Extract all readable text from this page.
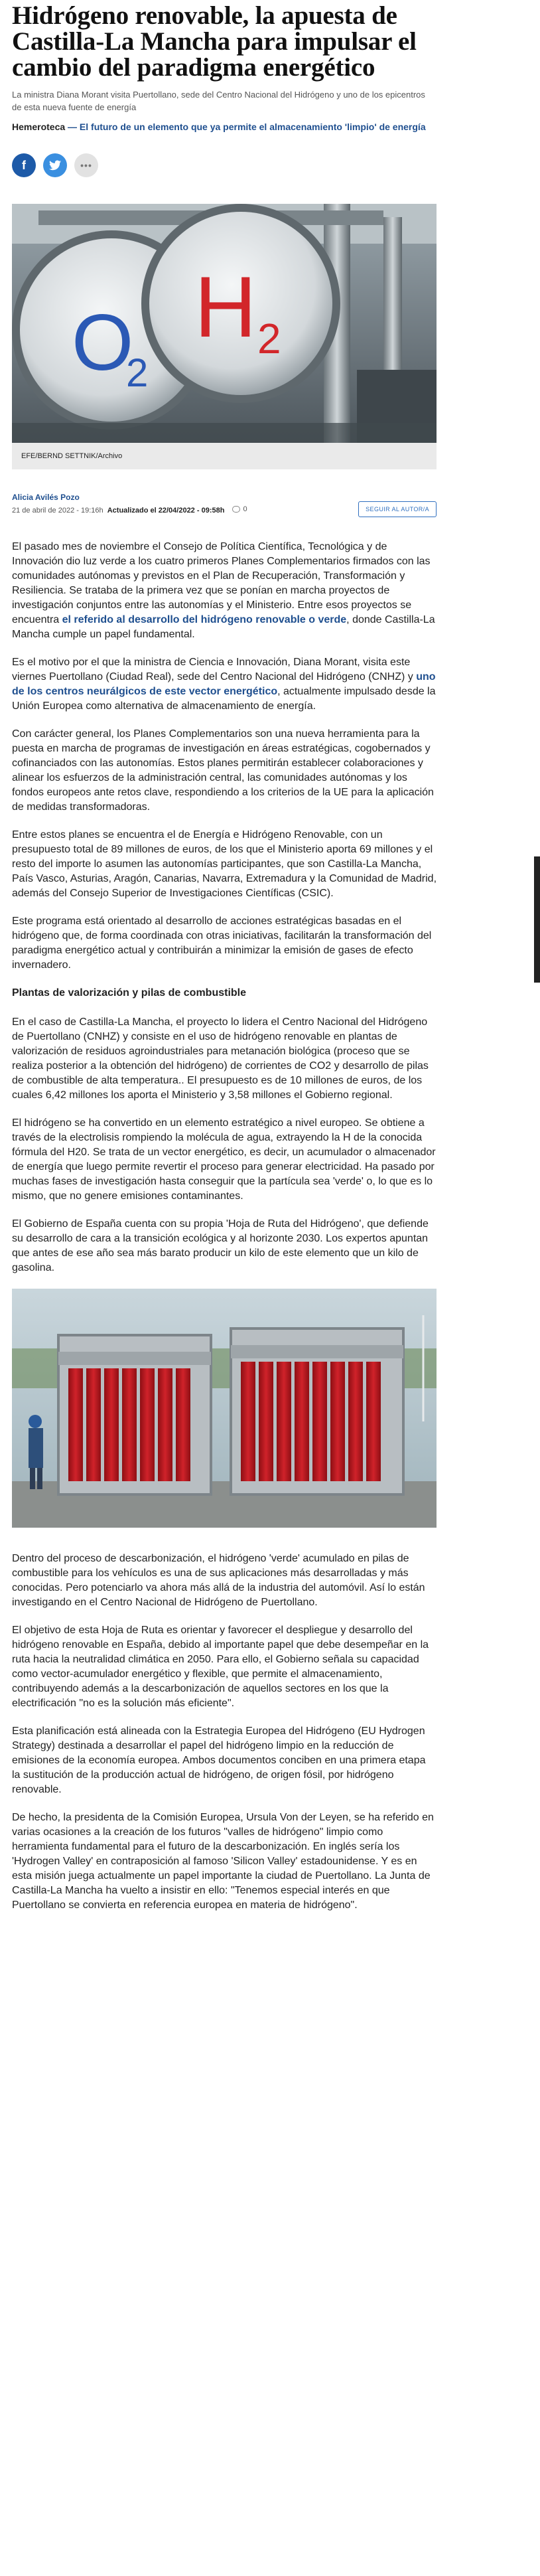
Hidrógeno renovable, la apuesta de Castilla-La Mancha para impulsar el cambio del paradigma energético

La ministra Diana Morant visita Puertollano, sede del Centro Nacional del Hidrógeno y uno de los epicentros de esta nueva fuente de energía

Hemeroteca — El futuro de un elemento que ya permite el almacenamiento 'limpio' de energía

f	•••
O
2
H 2
EFE/BERND SETTNIK/Archivo
Alicia Avilés Pozo
21 de abril de 2022 - 19:16h Actualizado el 22/04/2022 - 09:58h	0	SEGUIR AL AUTOR/A

El pasado mes de noviembre el Consejo de Política Científica, Tecnológica y de Innovación dio luz verde a los cuatro primeros Planes Complementarios firmados con las comunidades autónomas y previstos en el Plan de Recuperación, Transformación y Resiliencia. Se trataba de la primera vez que se ponían en marcha proyectos de investigación conjuntos entre las autonomías y el Ministerio. Entre esos proyectos se encuentra el referido al desarrollo del hidrógeno renovable o verde, donde Castilla-La Mancha cumple un papel fundamental.

Es el motivo por el que la ministra de Ciencia e Innovación, Diana Morant, visita este viernes Puertollano (Ciudad Real), sede del Centro Nacional del Hidrógeno (CNHZ) y uno de los centros neurálgicos de este vector energético, actualmente impulsado desde la Unión Europea como alternativa de almacenamiento de energía.

Con carácter general, los Planes Complementarios son una nueva herramienta para la puesta en marcha de programas de investigación en áreas estratégicas, cogobernados y cofinanciados con las autonomías. Estos planes permitirán establecer colaboraciones y alinear los esfuerzos de la administración central, las comunidades autónomas y los fondos europeos ante retos clave, respondiendo a los criterios de la UE para la aplicación de medidas transformadoras.

Entre estos planes se encuentra el de Energía e Hidrógeno Renovable, con un presupuesto total de 89 millones de euros, de los que el Ministerio aporta 69 millones y el resto del importe lo asumen las autonomías participantes, que son Castilla-La Mancha, País Vasco, Asturias, Aragón, Canarias, Navarra, Extremadura y la Comunidad de Madrid, además del Consejo Superior de Investigaciones Científicas (CSIC).

Este programa está orientado al desarrollo de acciones estratégicas basadas en el hidrógeno que, de forma coordinada con otras iniciativas, facilitarán la transformación del paradigma energético actual y contribuirán a minimizar la emisión de gases de efecto invernadero.

Plantas de valorización y pilas de combustible

En el caso de Castilla-La Mancha, el proyecto lo lidera el Centro Nacional del Hidrógeno de Puertollano (CNHZ) y consiste en el uso de hidrógeno renovable en plantas de valorización de residuos agroindustriales para metanación biológica (proceso que se realiza posterior a la obtención del hidrógeno) de corrientes de CO2 y desarrollo de pilas de combustible de alta temperatura.. El presupuesto es de 10 millones de euros, de los cuales 6,42 millones los aporta el Ministerio y 3,58 millones el Gobierno regional.

El hidrógeno se ha convertido en un elemento estratégico a nivel europeo. Se obtiene a través de la electrolisis rompiendo la molécula de agua, extrayendo la H de la conocida fórmula del H20. Se trata de un vector energético, es decir, un acumulador o almacenador de energía que luego permite revertir el proceso para generar electricidad. Ha pasado por muchas fases de investigación hasta conseguir que la partícula sea 'verde' o, lo que es lo mismo, que no genere emisiones contaminantes.

El Gobierno de España cuenta con su propia 'Hoja de Ruta del Hidrógeno', que defiende su desarrollo de cara a la transición ecológica y al horizonte 2030. Los expertos apuntan que antes de ese año sea más barato producir un kilo de este elemento que un kilo de gasolina.

Dentro del proceso de descarbonización, el hidrógeno 'verde' acumulado en pilas de combustible para los vehículos es una de sus aplicaciones más desarrolladas y más conocidas. Pero potenciarlo va ahora más allá de la industria del automóvil. Así lo están investigando en el Centro Nacional de Hidrógeno de Puertollano.

El objetivo de esta Hoja de Ruta es orientar y favorecer el despliegue y desarrollo del hidrógeno renovable en España, debido al importante papel que debe desempeñar en la ruta hacia la neutralidad climática en 2050. Para ello, el Gobierno señala su capacidad como vector-acumulador energético y flexible, que permite el almacenamiento, contribuyendo además a la descarbonización de aquellos sectores en los que la electrificación "no es la solución más eficiente".

Esta planificación está alineada con la Estrategia Europea del Hidrógeno (EU Hydrogen Strategy) destinada a desarrollar el papel del hidrógeno limpio en la reducción de emisiones de la economía europea. Ambos documentos conciben en una primera etapa la sustitución de la producción actual de hidrógeno, de origen fósil, por hidrógeno renovable.

De hecho, la presidenta de la Comisión Europea, Ursula Von der Leyen, se ha referido en varias ocasiones a la creación de los futuros "valles de hidrógeno" limpio como herramienta fundamental para el futuro de la descarbonización. En inglés sería los 'Hydrogen Valley' en contraposición al famoso 'Silicon Valley' estadounidense. Y es en esta misión juega actualmente un papel importante la ciudad de Puertollano. La Junta de Castilla-La Mancha ha vuelto a insistir en ello: "Tenemos especial interés en que Puertollano se convierta en referencia europea en materia de hidrógeno".
